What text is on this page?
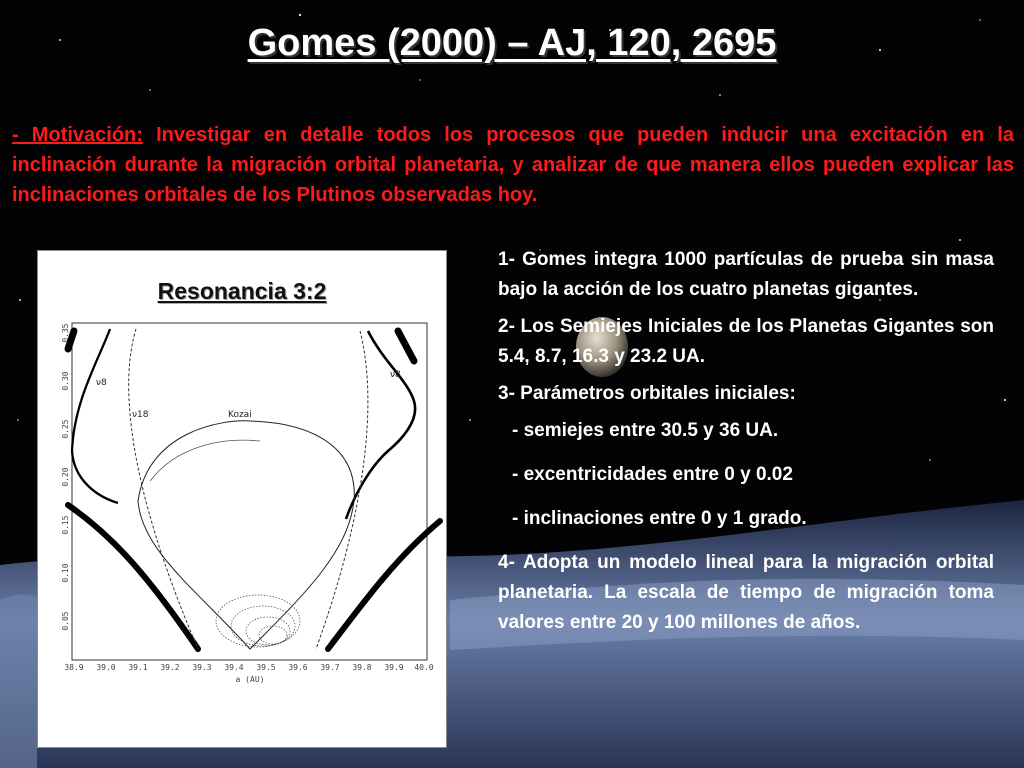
Gomes (2000) – AJ, 120, 2695

- Motivación: Investigar en detalle todos los procesos que pueden inducir una excitación en la inclinación durante la migración orbital planetaria, y analizar de que manera ellos pueden explicar las inclinaciones orbitales de los Plutinos observadas hoy.

Resonancia 3:2
0.35
0.30
0.25
0.20
0.15
0.10
0.05
38.9 39.0 39.1 39.2 39.3 39.4 39.5 39.6 39.7 39.8 39.9 40.0
a (AU)
ν8
ν18	Kozai
ν8
1- Gomes integra 1000 partículas de prueba sin masa bajo la acción de los cuatro planetas gigantes.
2- Los Semiejes Iniciales de los Planetas Gigantes son 5.4, 8.7, 16.3 y 23.2 UA.
3- Parámetros orbitales iniciales:
- semiejes entre 30.5 y 36 UA.
- excentricidades entre 0 y 0.02
- inclinaciones entre 0 y 1 grado.
4- Adopta un modelo lineal para la migración orbital planetaria. La escala de tiempo de migración toma valores entre 20 y 100 millones de años.
